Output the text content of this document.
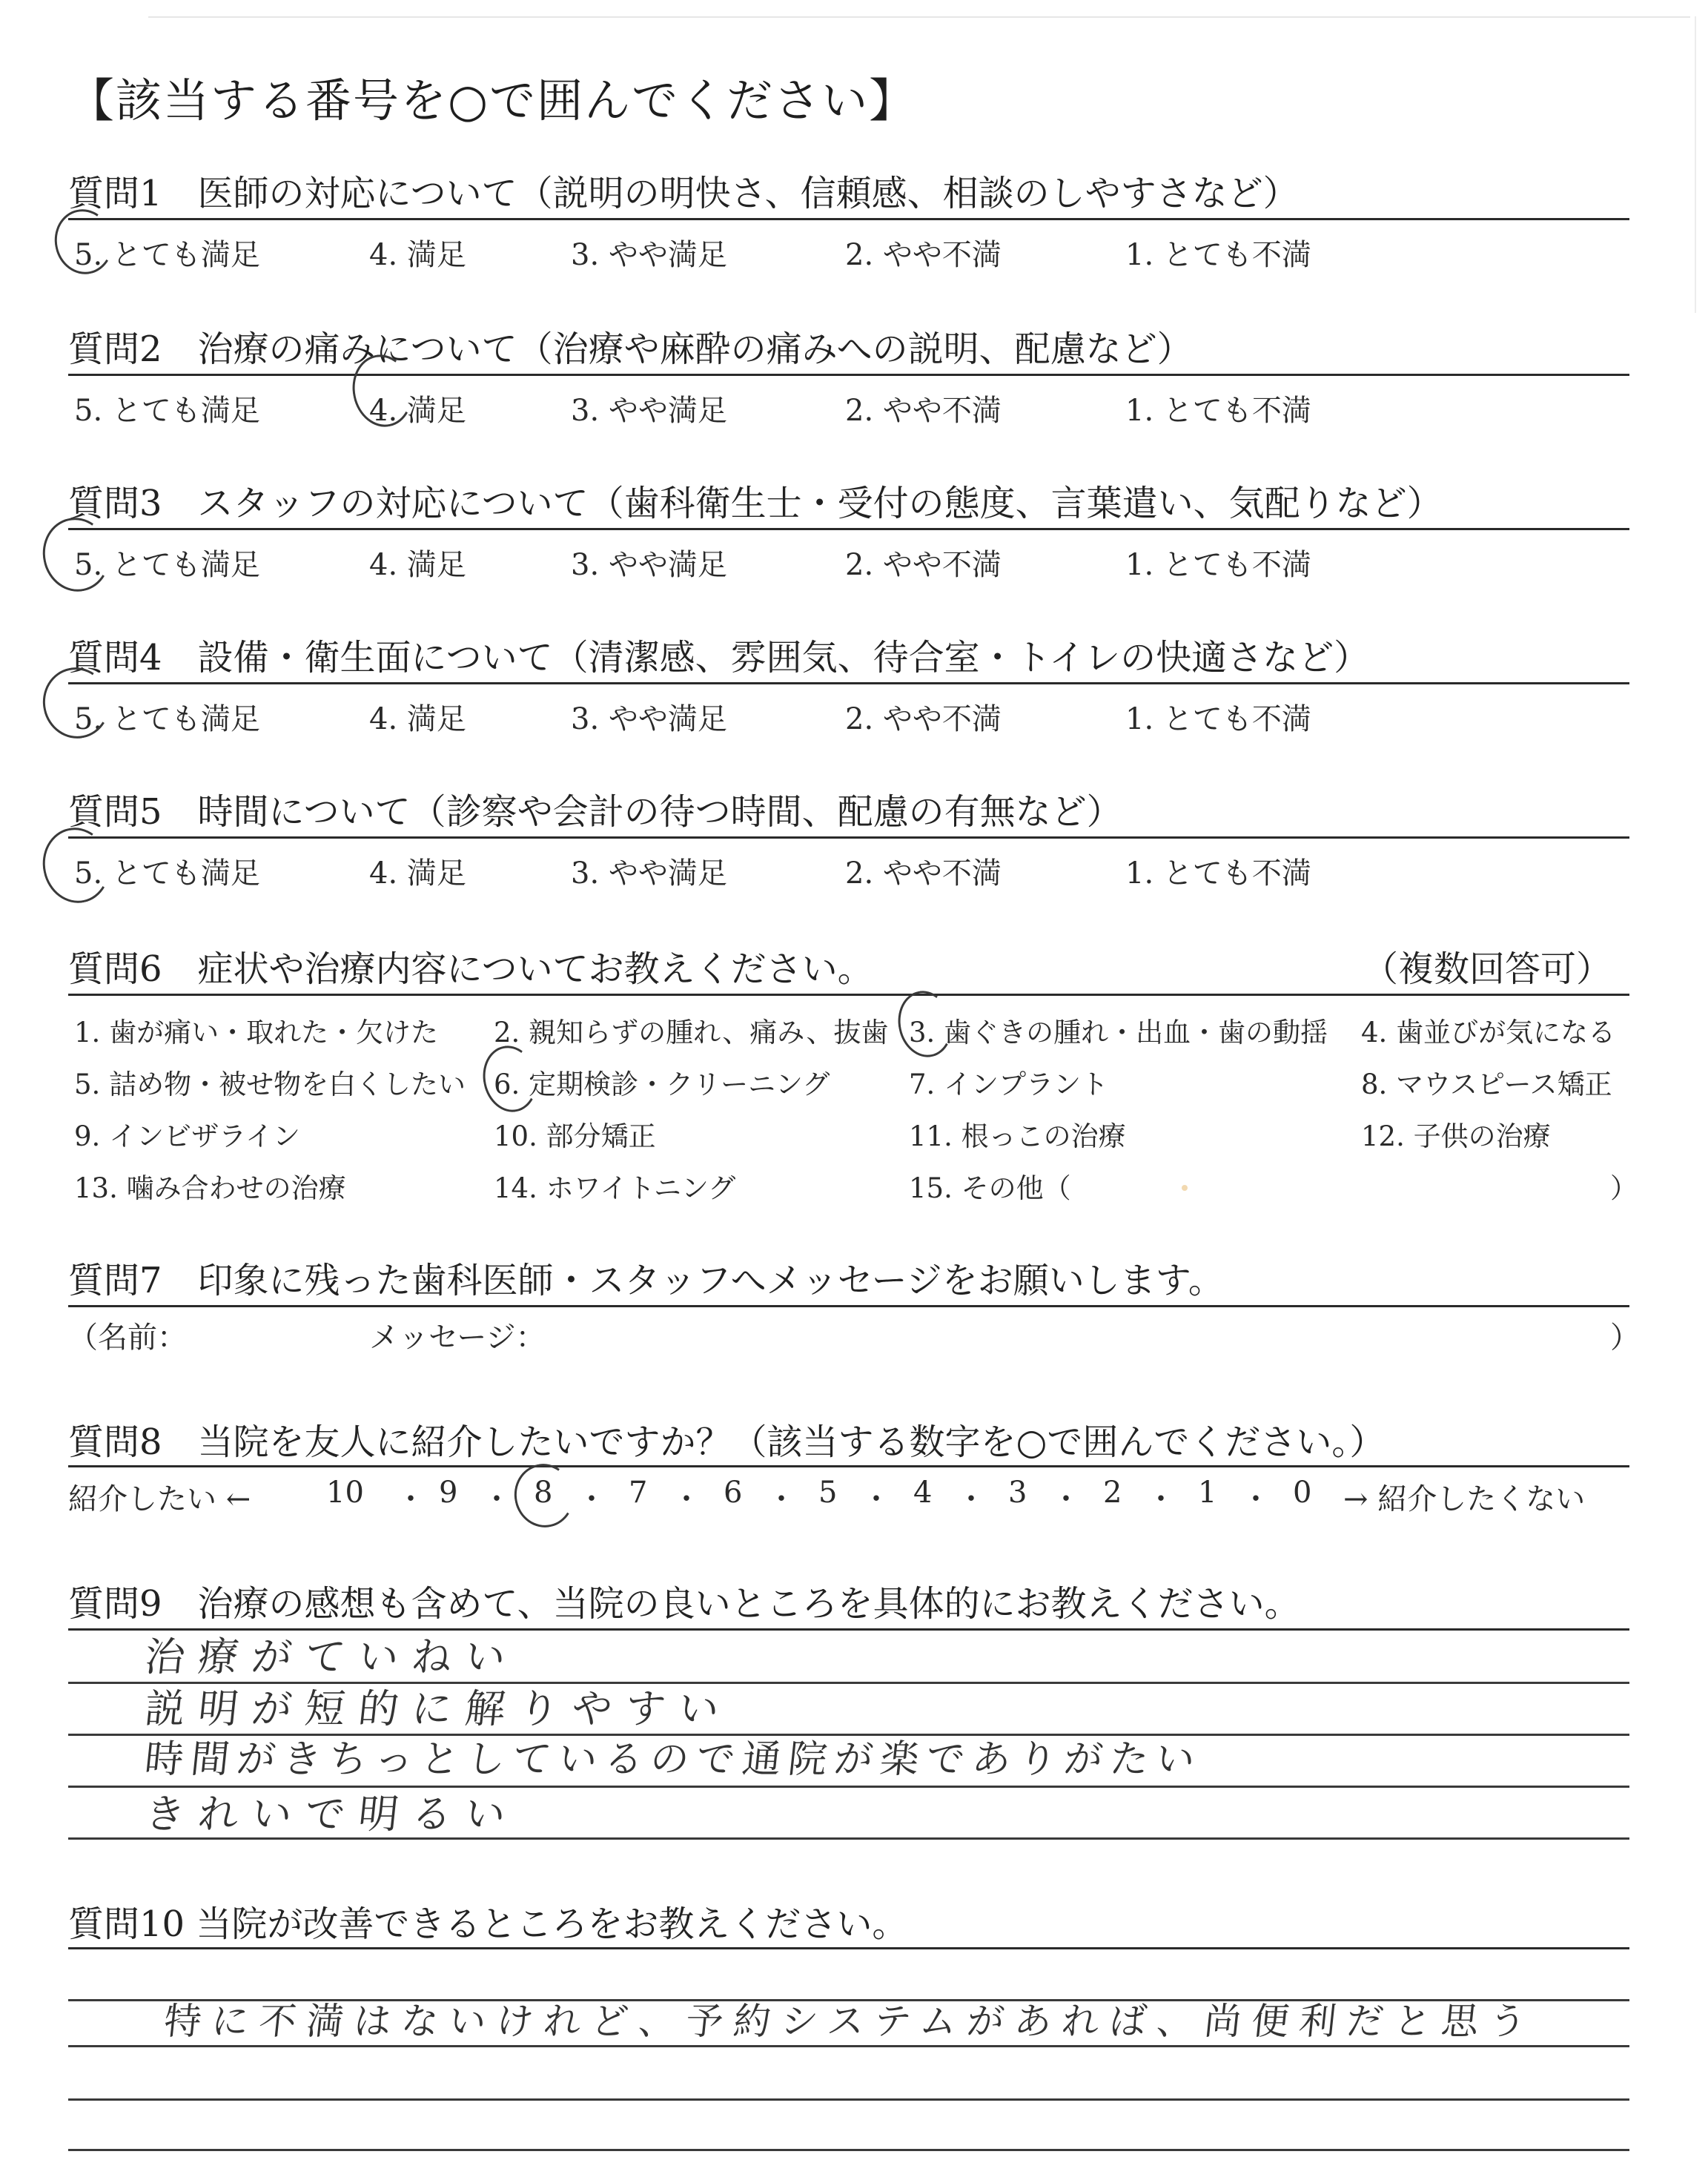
【該当する番号を○で囲んでください】
質問1　医師の対応について（説明の明快さ、信頼感、相談のしやすさなど）
5. とても満足	4. 満足	3. やや満足	2. やや不満	1. とても不満
質問2　治療の痛みについて（治療や麻酔の痛みへの説明、配慮など）
5. とても満足	4. 満足	3. やや満足	2. やや不満	1. とても不満
質問3　スタッフの対応について（歯科衛生士・受付の態度、言葉遣い、気配りなど）
5. とても満足	4. 満足	3. やや満足	2. やや不満	1. とても不満
質問4　設備・衛生面について（清潔感、雰囲気、待合室・トイレの快適さなど）
5. とても満足	4. 満足	3. やや満足	2. やや不満	1. とても不満
質問5　時間について（診察や会計の待つ時間、配慮の有無など）
5. とても満足	4. 満足	3. やや満足	2. やや不満	1. とても不満
質問6　症状や治療内容についてお教えください。	（複数回答可）
1. 歯が痛い・取れた・欠けた 2. 親知らずの腫れ、痛み、抜歯 3. 歯ぐきの腫れ・出血・歯の動揺 4. 歯並びが気になる
5. 詰め物・被せ物を白くしたい 6. 定期検診・クリーニング	7. インプラント	8. マウスピース矯正
9. インビザライン	10. 部分矯正	11. 根っこの治療	12. 子供の治療
13. 噛み合わせの治療	14. ホワイトニング	15. その他（	）
質問7　印象に残った歯科医師・スタッフへメッセージをお願いします。
（名前：	メッセージ：	）
質問8　当院を友人に紹介したいですか？（該当する数字を○で囲んでください。）
紹介したい ←	→ 紹介したくない
10 ・ 9 ・ 8 ・ 7 ・ 6 ・ 5 ・ 4 ・ 3 ・ 2 ・ 1 ・ 0
質問9　治療の感想も含めて、当院の良いところを具体的にお教えください。
治療がていねい
説明が短的に解りやすい
時間がきちっとしているので通院が楽でありがたい
きれいで明るい
質問10 当院が改善できるところをお教えください。
特に不満はないけれど、予約システムがあれば、尚便利だと思う
